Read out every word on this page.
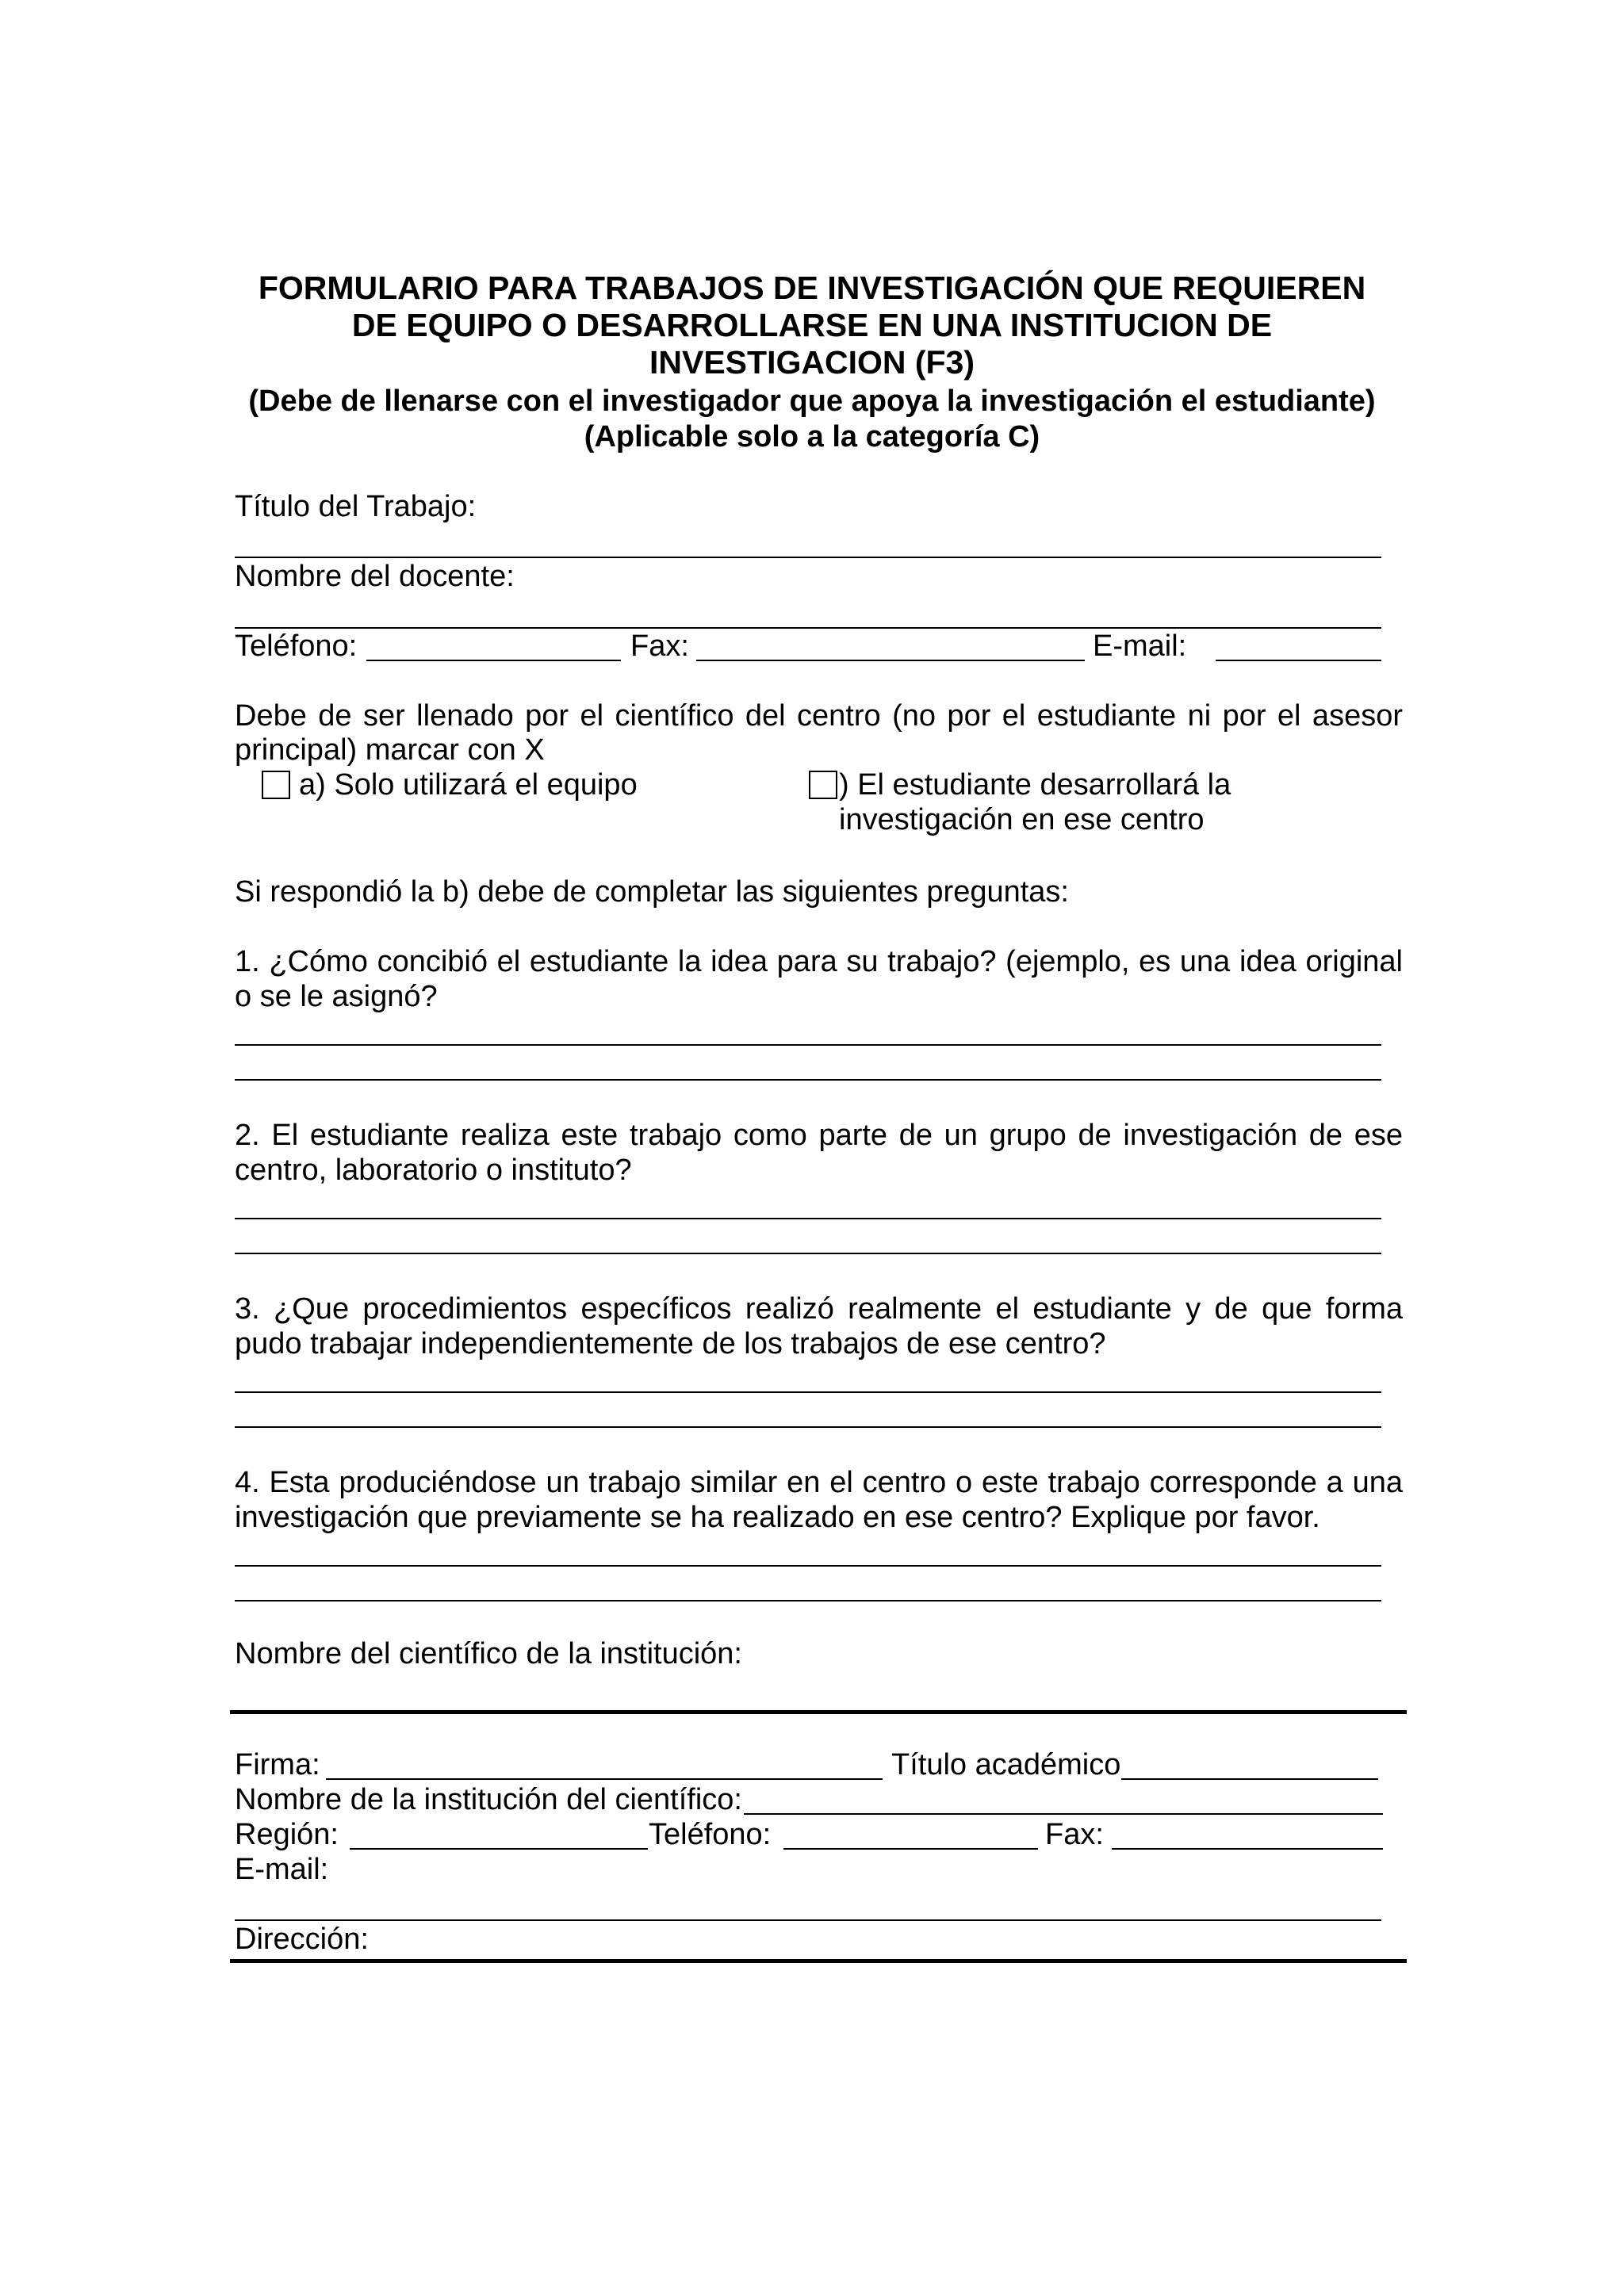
FORMULARIO PARA TRABAJOS DE INVESTIGACIÓN QUE REQUIEREN
DE EQUIPO O DESARROLLARSE EN UNA INSTITUCION DE
INVESTIGACION (F3)
(Debe de llenarse con el investigador que apoya la investigación el estudiante)
(Aplicable solo a la categoría C)
Título del Trabajo:
Nombre del docente:
Teléfono:	Fax:	E-mail:
Debe de ser llenado por el científico del centro (no por el estudiante ni por el asesor
principal) marcar con X
a) Solo utilizará el equipo	) El estudiante desarrollará la
investigación en ese centro
Si respondió la b) debe de completar las siguientes preguntas:
1. ¿Cómo concibió el estudiante la idea para su trabajo? (ejemplo, es una idea original
o se le asignó?
2. El estudiante realiza este trabajo como parte de un grupo de investigación de ese
centro, laboratorio o instituto?
3. ¿Que procedimientos específicos realizó realmente el estudiante y de que forma
pudo trabajar independientemente de los trabajos de ese centro?
4. Esta produciéndose un trabajo similar en el centro o este trabajo corresponde a una
investigación que previamente se ha realizado en ese centro? Explique por favor.
Nombre del científico de la institución:
Firma:	Título académico
Nombre de la institución del científico:
Región:	Teléfono:	Fax:
E-mail:
Dirección:
